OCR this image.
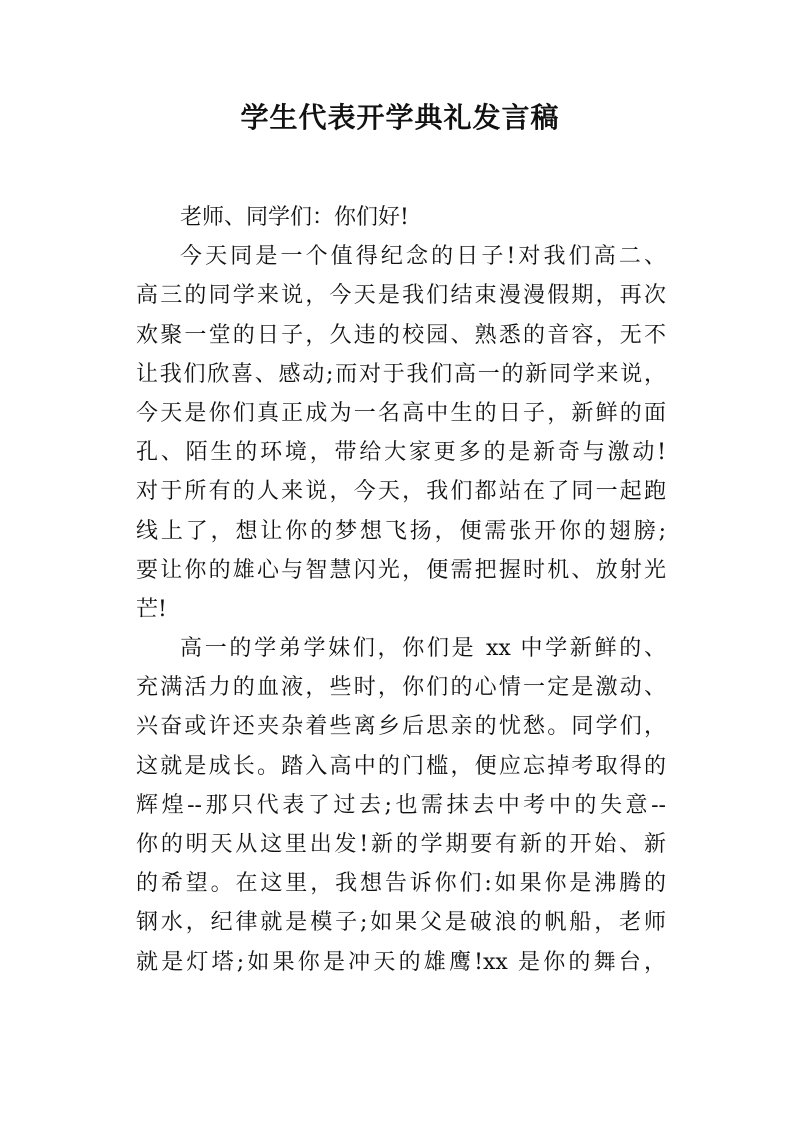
学生代表开学典礼发言稿
老师、同学们：你们好!
今天同是一个值得纪念的日子!对我们高二、
高三的同学来说，今天是我们结束漫漫假期，再次
欢聚一堂的日子，久违的校园、熟悉的音容，无不
让我们欣喜、感动;而对于我们高一的新同学来说，
今天是你们真正成为一名高中生的日子，新鲜的面
孔、陌生的环境，带给大家更多的是新奇与激动!
对于所有的人来说，今天，我们都站在了同一起跑
线上了，想让你的梦想飞扬，便需张开你的翅膀;
要让你的雄心与智慧闪光，便需把握时机、放射光
芒!
高一的学弟学妹们，你们是 xx 中学新鲜的、
充满活力的血液，些时，你们的心情一定是激动、
兴奋或许还夹杂着些离乡后思亲的忧愁。同学们，
这就是成长。踏入高中的门槛，便应忘掉考取得的
辉煌--那只代表了过去;也需抹去中考中的失意--
你的明天从这里出发!新的学期要有新的开始、新
的希望。在这里，我想告诉你们:如果你是沸腾的
钢水，纪律就是模子;如果父是破浪的帆船，老师
就是灯塔;如果你是冲天的雄鹰!xx 是你的舞台，
